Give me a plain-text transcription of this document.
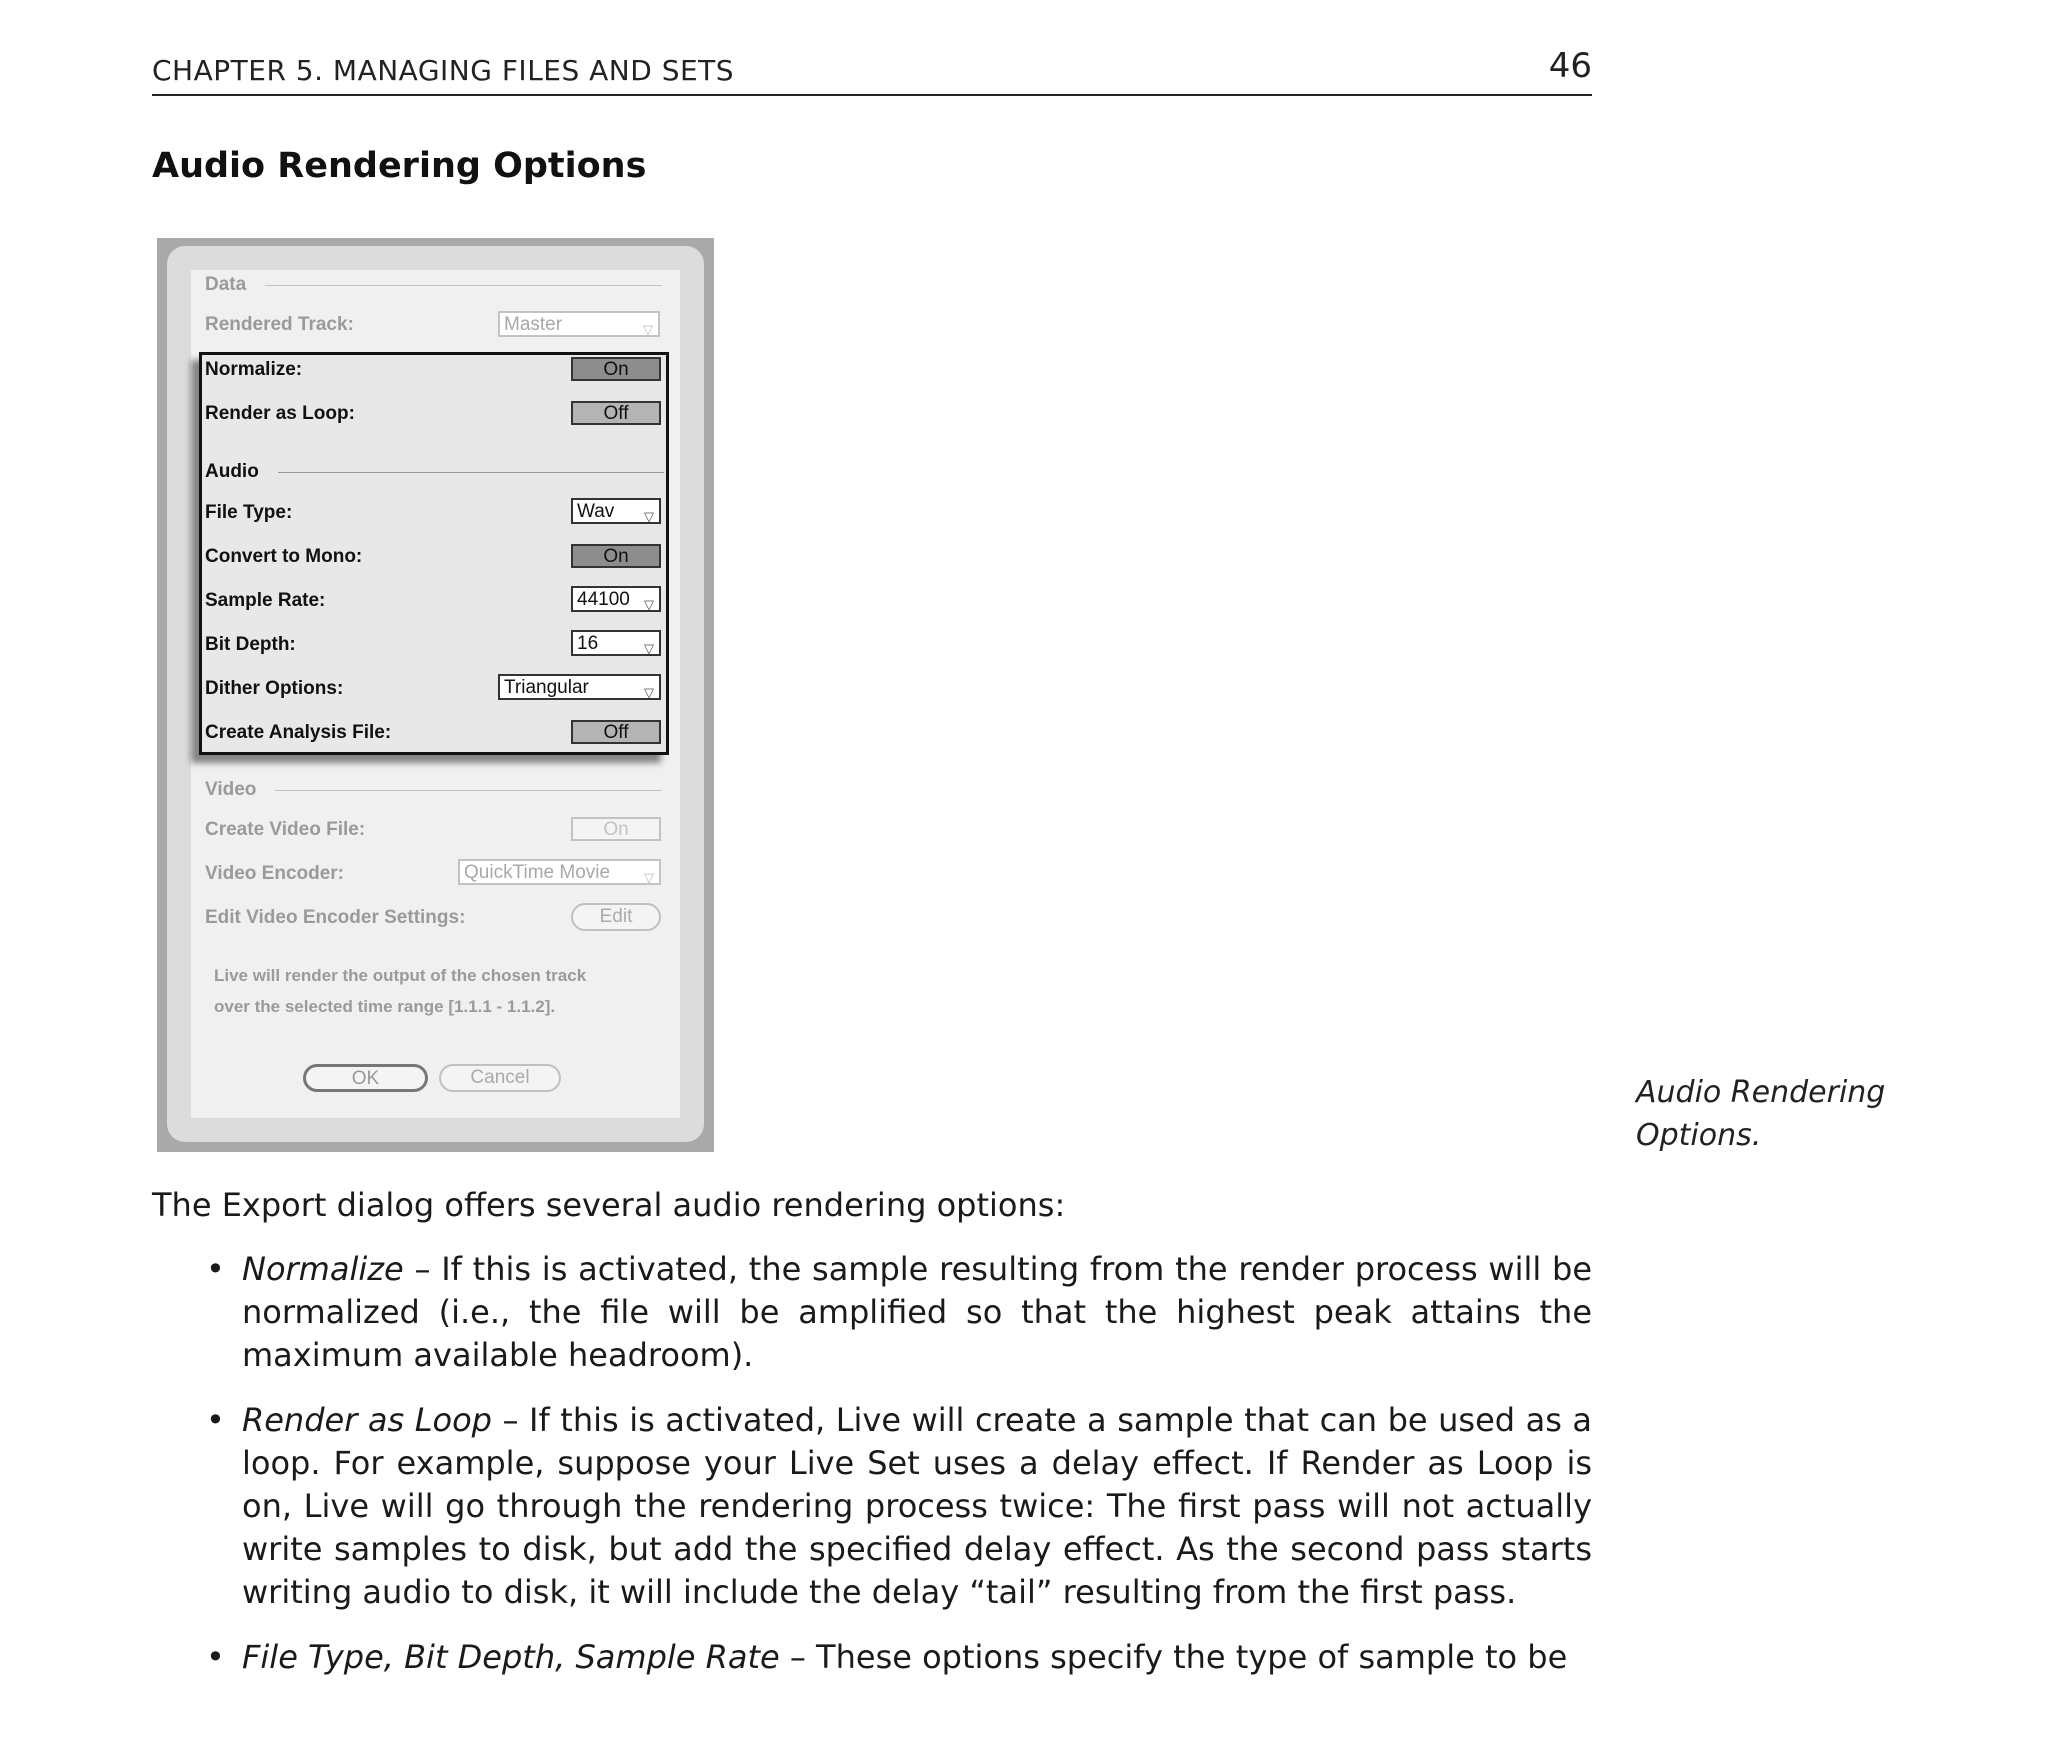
CHAPTER 5. MANAGING FILES AND SETS	46
Audio Rendering Options
Data
Rendered Track:	Master	▽
Normalize:	On
Render as Loop:	Off
Audio
File Type:	Wav ▽
Convert to Mono:	On
Sample Rate:	44100 ▽
Bit Depth:	16	▽
Dither Options:	Triangular	▽
Create Analysis File:	Off
Video
Create Video File:	On
Video Encoder:	QuickTime Movie	▽
Edit Video Encoder Settings:	Edit
Live will render the output of the chosen track
over the selected time range [1.1.1 - 1.1.2].
OK	Cancel	Audio Rendering
Options.
The Export dialog offers several audio rendering options:
• Normalize – If this is activated, the sample resulting from the render process will be normalized (i.e., the file will be amplified so that the highest peak attains the maximum available headroom).
• Render as Loop – If this is activated, Live will create a sample that can be used as a loop. For example, suppose your Live Set uses a delay effect. If Render as Loop is on, Live will go through the rendering process twice: The first pass will not actually write samples to disk, but add the specified delay effect. As the second pass starts writing audio to disk, it will include the delay “tail” resulting from the first pass.
• File Type, Bit Depth, Sample Rate – These options specify the type of sample to be
